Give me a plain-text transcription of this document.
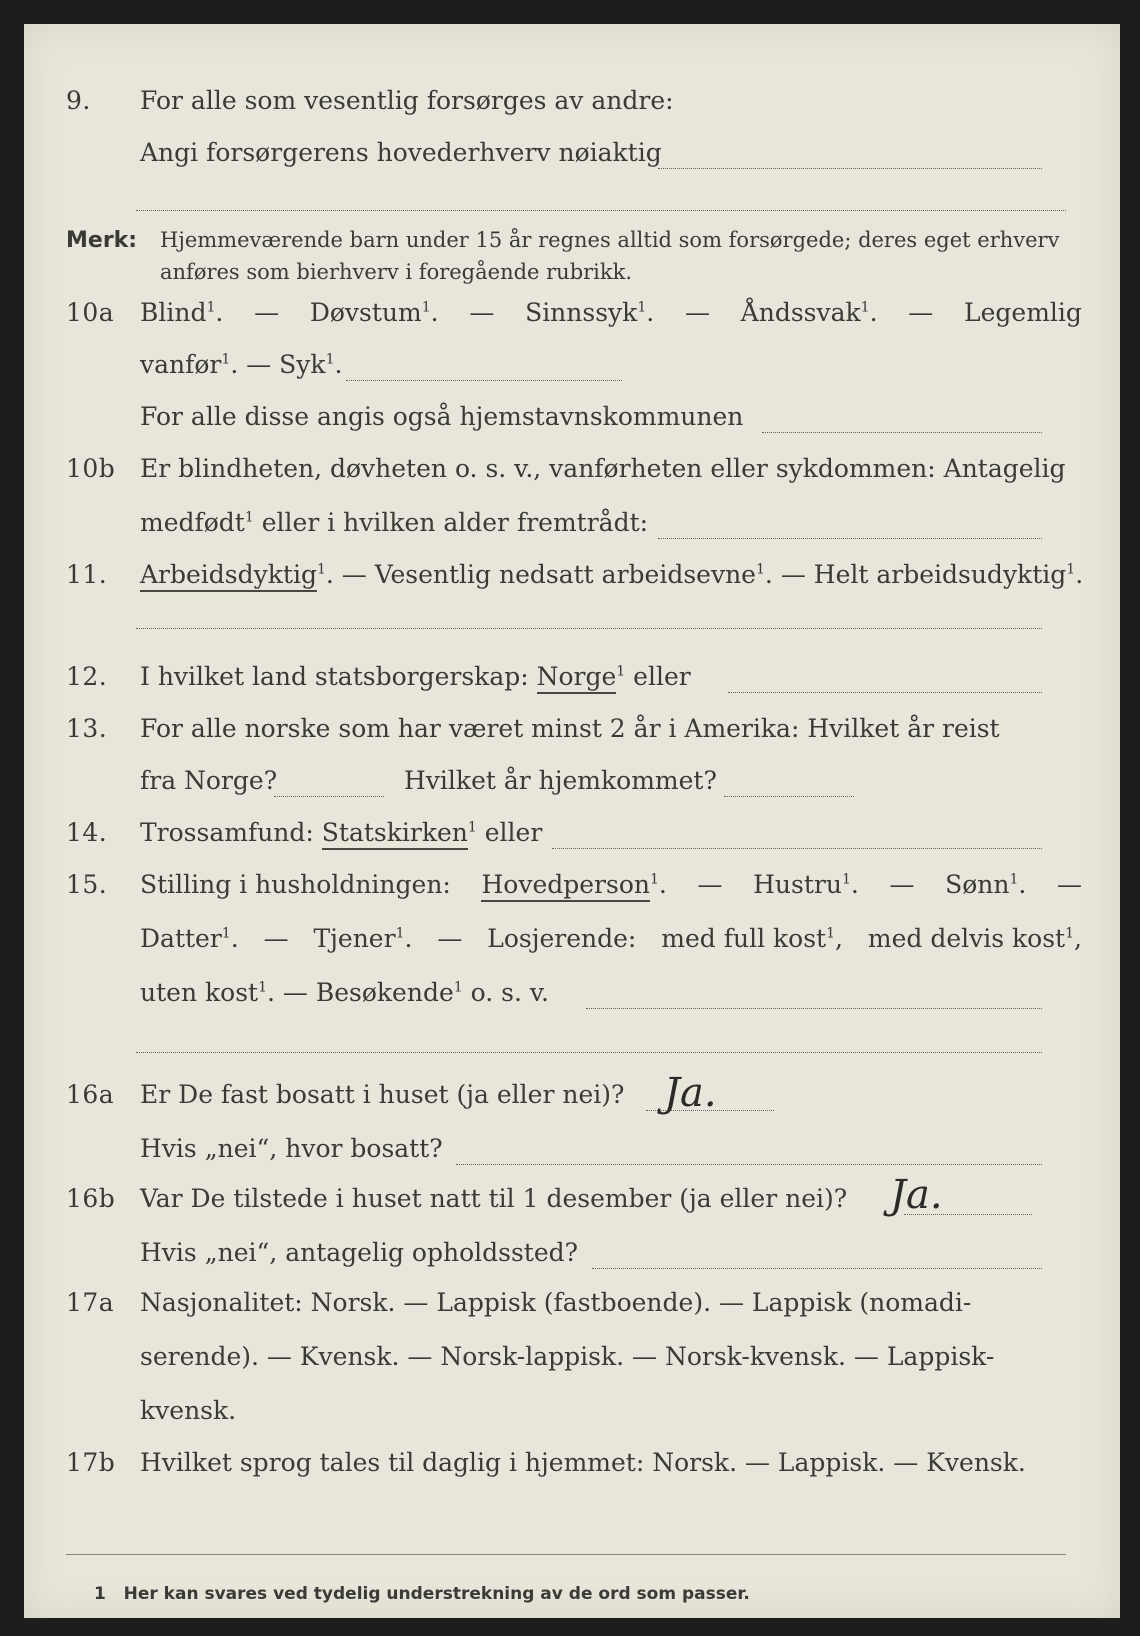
9. For alle som vesentlig forsørges av andre:
Angi forsørgerens hovederhverv nøiaktig
Merk: Hjemmeværende barn under 15 år regnes alltid som forsørgede; deres eget erhverv
anføres som bierhverv i foregående rubrikk.
10a Blind$^1$. — Døvstum$^1$. — Sinnssyk$^1$. — Åndssvak$^1$. — Legemlig
vanfør$^1$. — Syk$^1$.
For alle disse angis også hjemstavnskommunen
10b Er blindheten, døvheten o. s. v., vanførheten eller sykdommen: Antagelig
medfødt$^1$ eller i hvilken alder fremtrådt:
11. Arbeidsdyktig$^1$. — Vesentlig nedsatt arbeidsevne$^1$. — Helt arbeidsudyktig$^1$.
12. I hvilket land statsborgerskap: Norge$^1$ eller
13. For alle norske som har været minst 2 år i Amerika: Hvilket år reist
fra Norge?	Hvilket år hjemkommet?
14. Trossamfund: Statskirken$^1$ eller
15. Stilling i husholdningen: Hovedperson$^1$. — Hustru$^1$. — Sønn$^1$. —
Datter$^1$. — Tjener$^1$. — Losjerende: med full kost$^1$, med delvis kost$^1$,
uten kost$^1$. — Besøkende$^1$ o. s. v.
16a Er De fast bosatt i huset (ja eller nei)? Ja.
Hvis „nei“, hvor bosatt?
16b Var De tilstede i huset natt til 1 desember (ja eller nei)? Ja.
Hvis „nei“, antagelig opholdssted?
17a Nasjonalitet: Norsk. — Lappisk (fastboende). — Lappisk (nomadi-
serende). — Kvensk. — Norsk-lappisk. — Norsk-kvensk. — Lappisk-
kvensk.
17b Hvilket sprog tales til daglig i hjemmet: Norsk. — Lappisk. — Kvensk.
1 Her kan svares ved tydelig understrekning av de ord som passer.
